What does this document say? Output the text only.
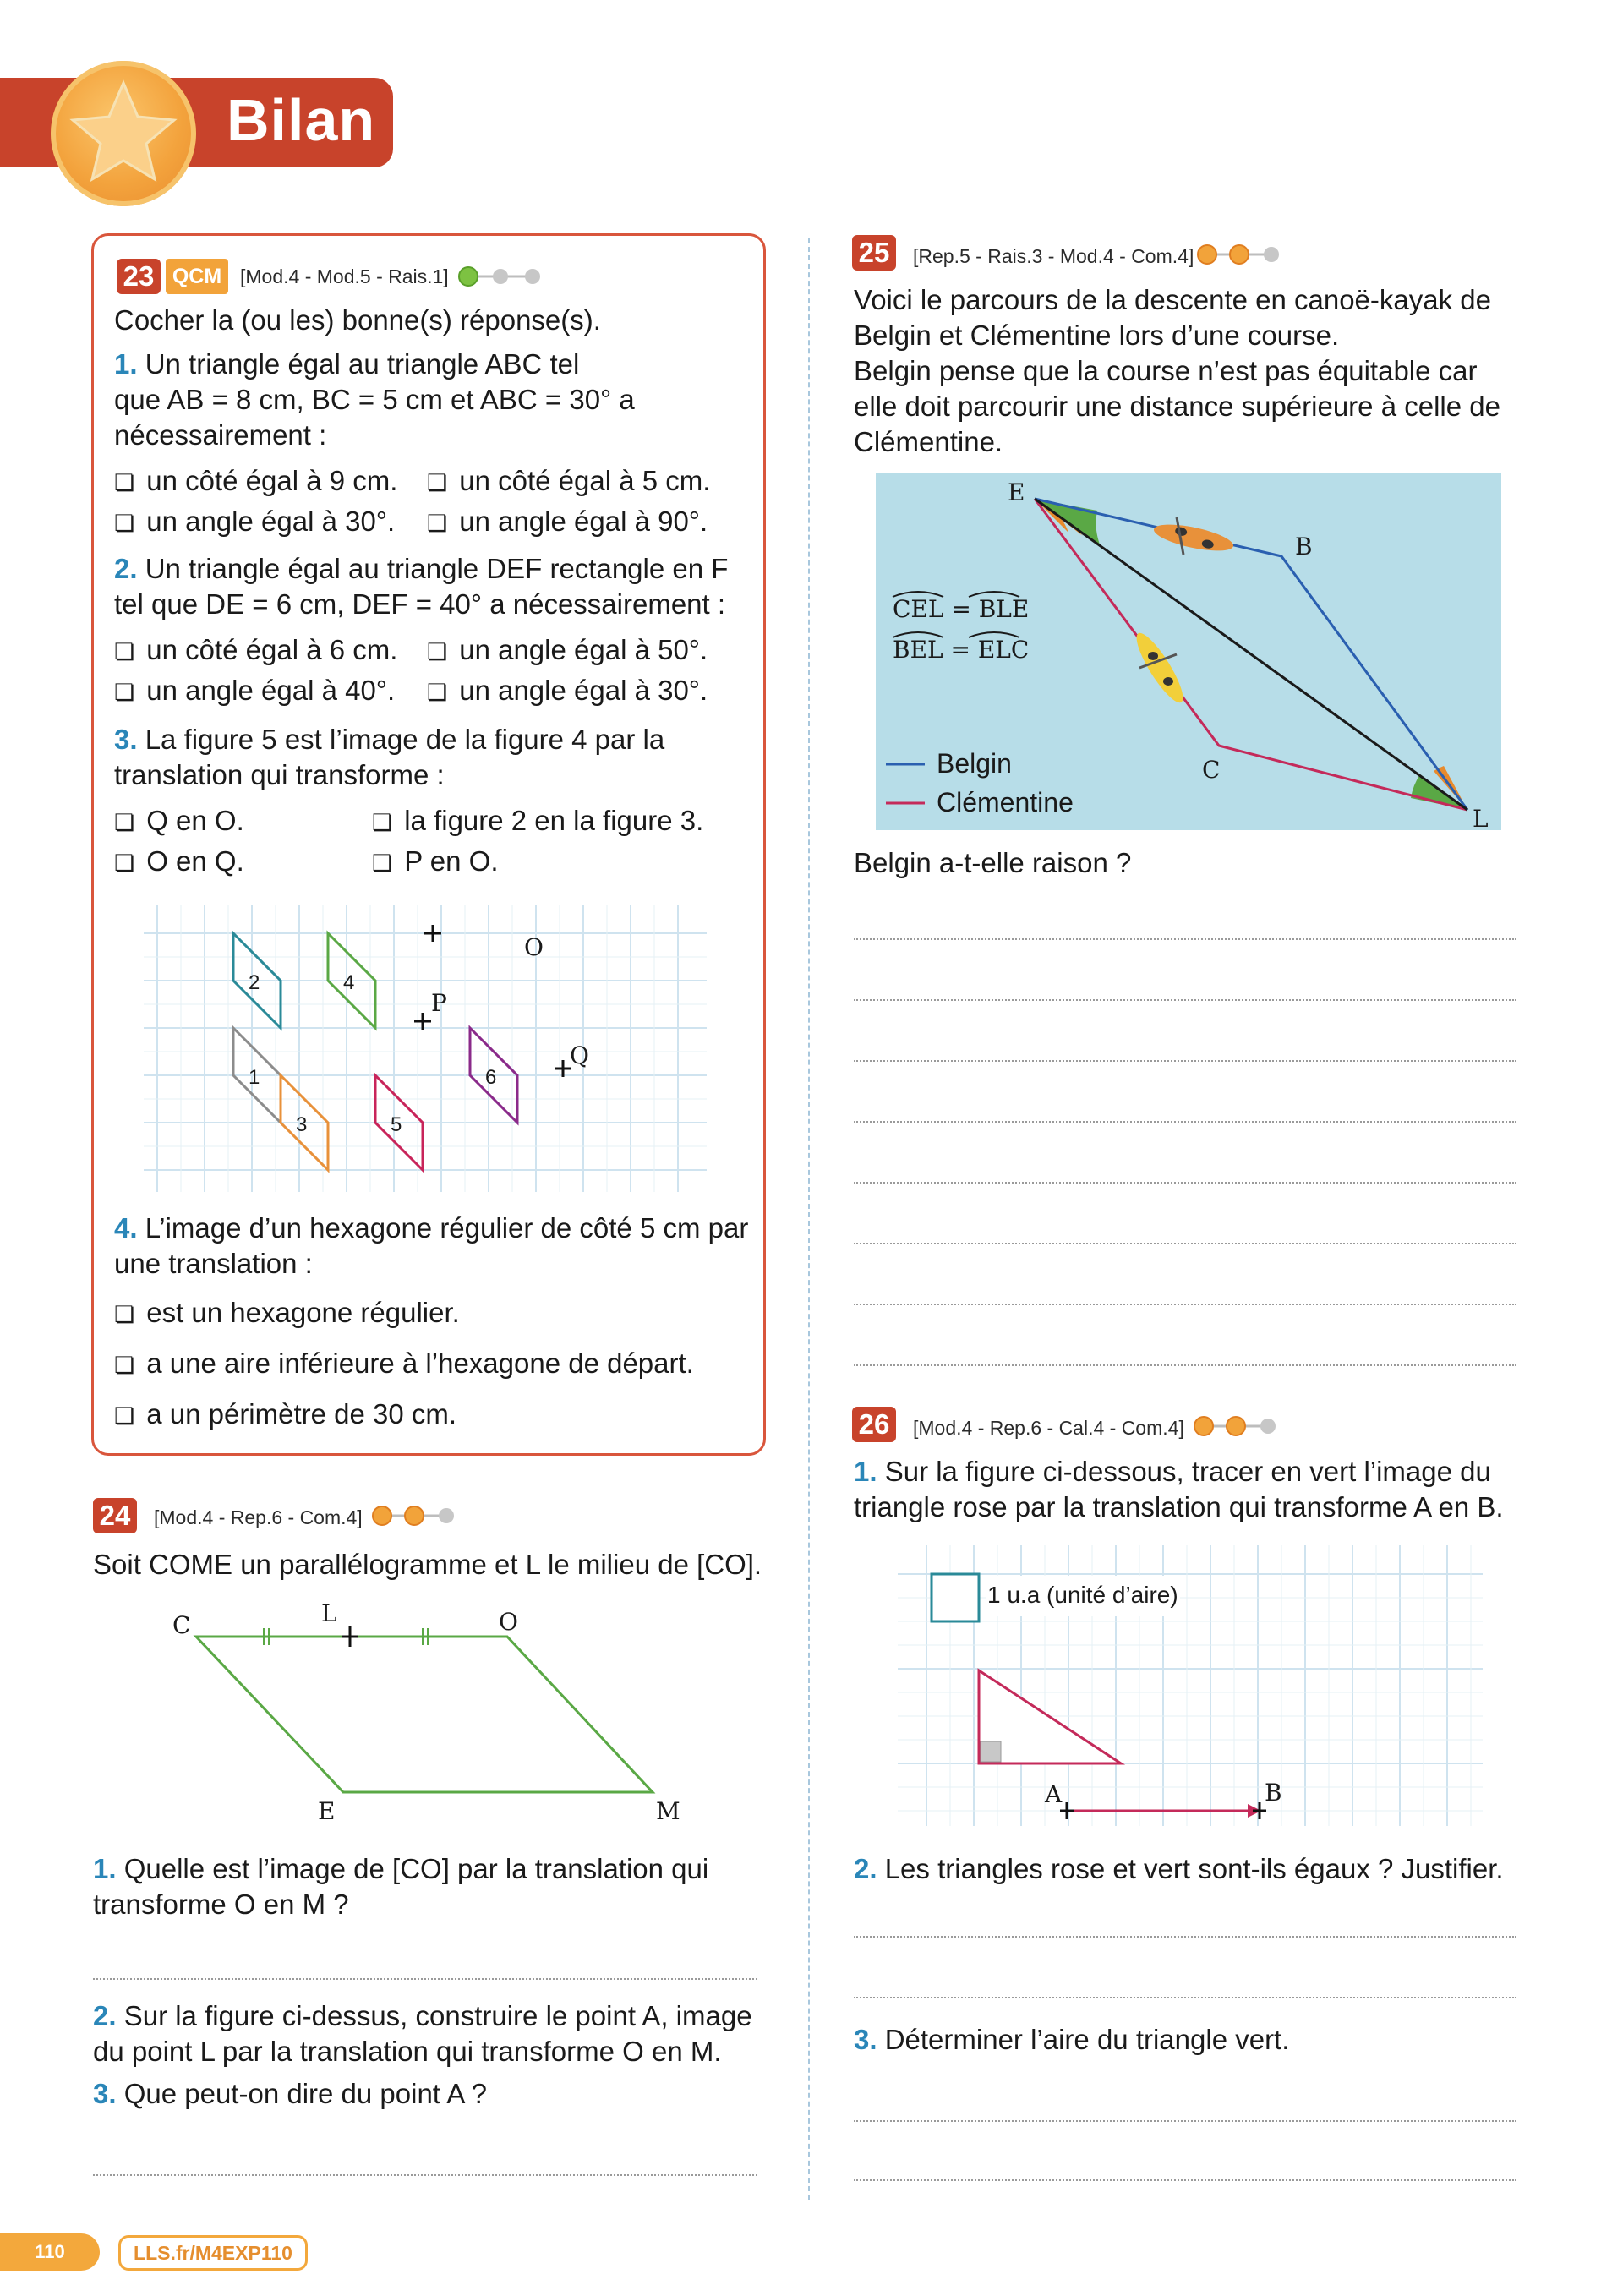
Bilan
23 QCM [Mod.4 - Mod.5 - Rais.1]
Cocher la (ou les) bonne(s) réponse(s).
1. Un triangle égal au triangle ABC tel
que AB = 8 cm, BC = 5 cm et ABC = 30° a
nécessairement :
❏ un côté égal à 9 cm.	❏ un côté égal à 5 cm.
❏ un angle égal à 30°.	❏ un angle égal à 90°.
2. Un triangle égal au triangle DEF rectangle en F
tel que DE = 6 cm, DEF = 40° a nécessairement :
❏ un côté égal à 6 cm.	❏ un angle égal à 50°.
❏ un angle égal à 40°.	❏ un angle égal à 30°.
3. La figure 5 est l’image de la figure 4 par la
translation qui transforme :
❏ Q en O.	❏ la figure 2 en la figure 3.
❏ O en Q.	❏ P en O.
2	4
1
3	5
6
O
P
Q
4. L’image d’un hexagone régulier de côté 5 cm par
une translation :
❏ est un hexagone régulier.
❏ a une aire inférieure à l’hexagone de départ.
❏ a un périmètre de 30 cm.
24	[Mod.4 - Rep.6 - Com.4]
Soit COME un parallélogramme et L le milieu de [CO].
C	L	O
E	M
1. Quelle est l’image de [CO] par la translation qui
transforme O en M ?
2. Sur la figure ci-dessus, construire le point A, image
du point L par la translation qui transforme O en M.
3. Que peut-on dire du point A ?
25	[Rep.5 - Rais.3 - Mod.4 - Com.4]
Voici le parcours de la descente en canoë-kayak de
Belgin et Clémentine lors d’une course.
Belgin pense que la course n’est pas équitable car
elle doit parcourir une distance supérieure à celle de
Clémentine.
E
B
C
L
CEL = BLE
BEL = ELC
Belgin
Clémentine
Belgin a-t-elle raison ?
26	[Mod.4 - Rep.6 - Cal.4 - Com.4]
1. Sur la figure ci-dessous, tracer en vert l’image du
triangle rose par la translation qui transforme A en B.
1 u.a (unité d’aire)
A	B
2. Les triangles rose et vert sont-ils égaux ? Justifier.
3. Déterminer l’aire du triangle vert.
110	LLS.fr/M4EXP110
